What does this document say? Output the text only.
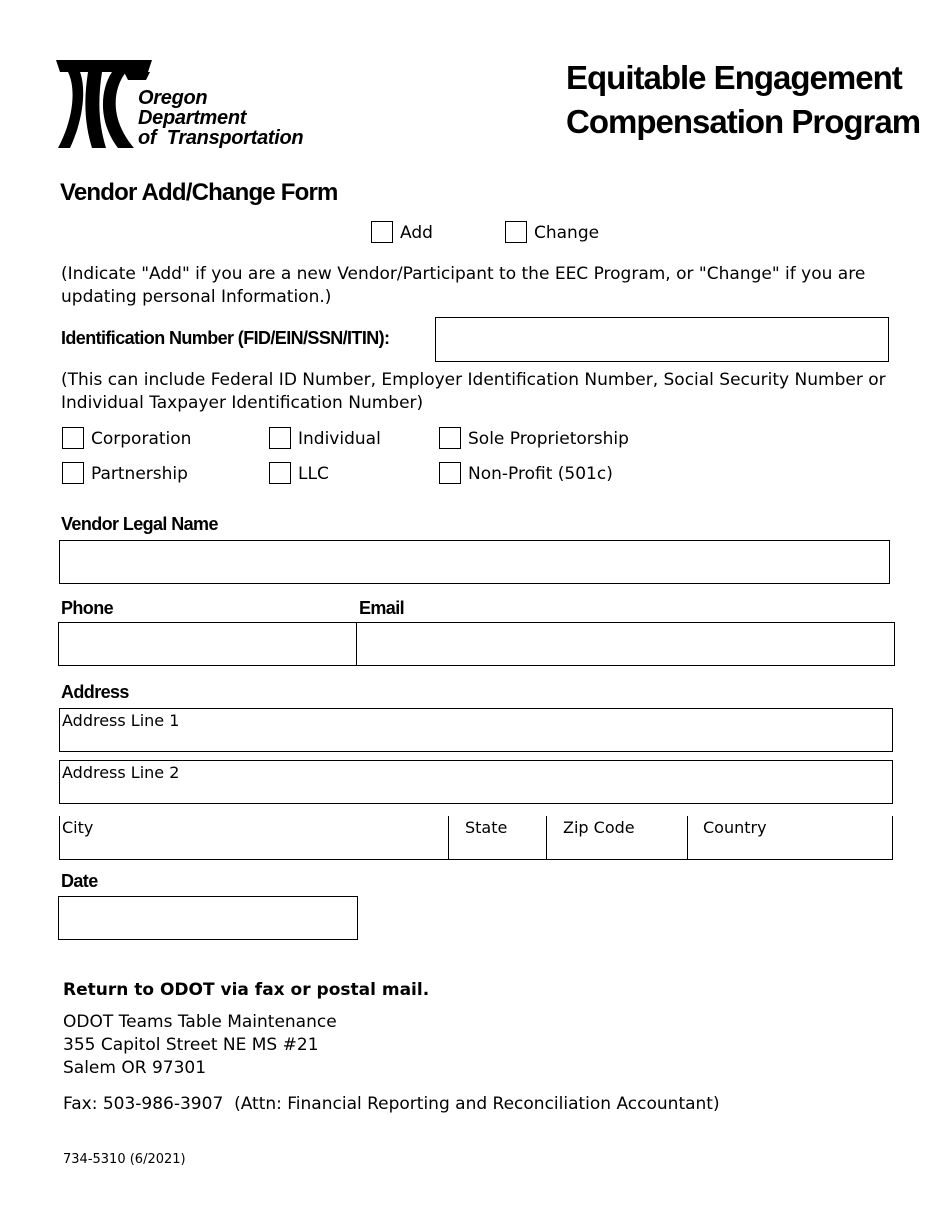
Oregon
Department
of  Transportation
Equitable Engagement
Compensation Program
Vendor Add/Change Form
Add	Change
(Indicate "Add" if you are a new Vendor/Participant to the EEC Program, or "Change" if you are updating personal Information.)
Identification Number (FID/EIN/SSN/ITIN):
(This can include Federal ID Number, Employer Identification Number, Social Security Number or Individual Taxpayer Identification Number)
Corporation	Individual	Sole Proprietorship
Partnership	LLC	Non-Profit (501c)
Vendor Legal Name
Phone	Email
Address
Address Line 1
Address Line 2
City	State	Zip Code	Country
Date
Return to ODOT via fax or postal mail.
ODOT Teams Table Maintenance
355 Capitol Street NE MS #21
Salem OR 97301
Fax: 503-986-3907  (Attn: Financial Reporting and Reconciliation Accountant)
734-5310 (6/2021)
